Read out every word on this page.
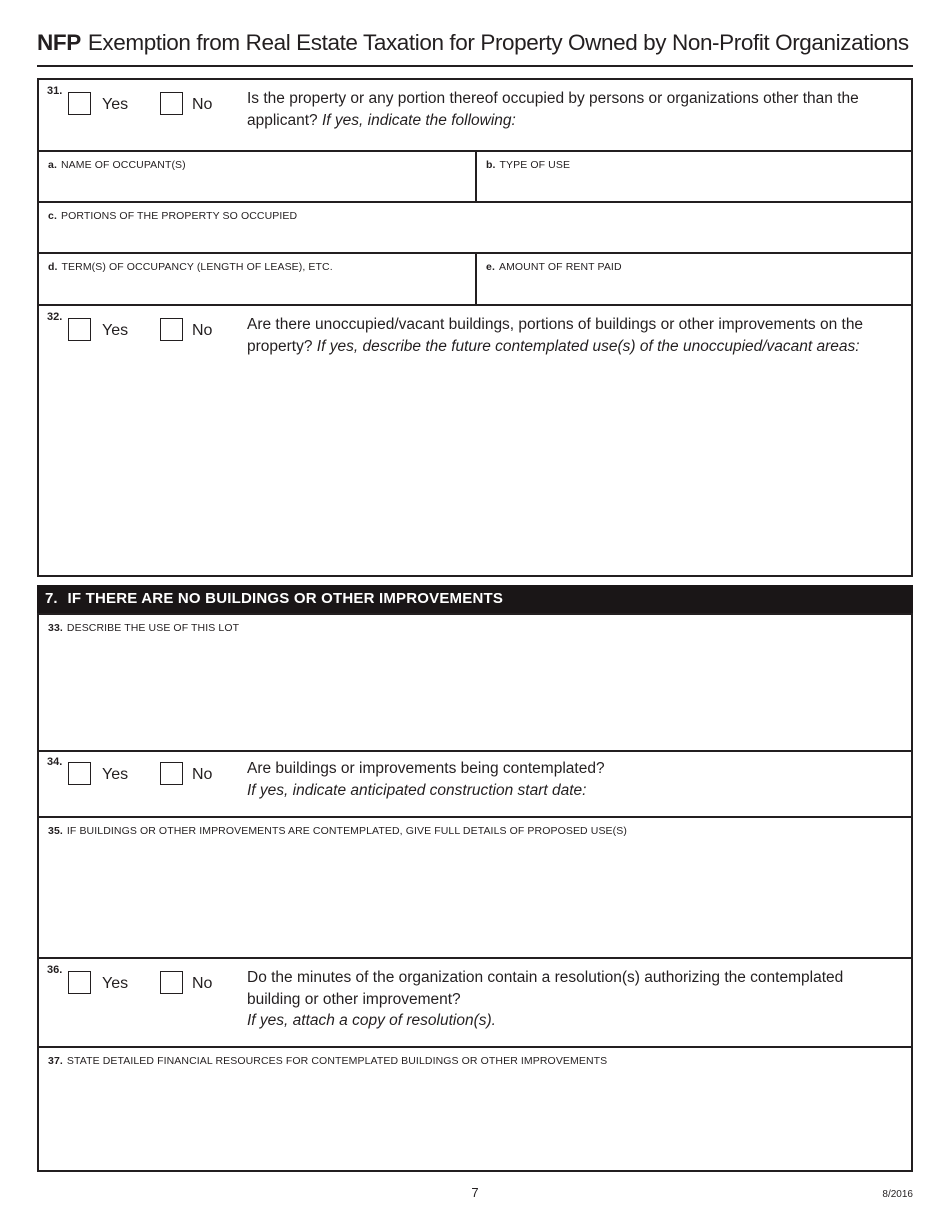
NFP Exemption from Real Estate Taxation for Property Owned by Non-Profit Organizations
31.
Yes	No Is the property or any portion thereof occupied by persons or organizations other than the applicant? If yes, indicate the following:
a. NAME OF OCCUPANT(S)	b. TYPE OF USE
c. PORTIONS OF THE PROPERTY SO OCCUPIED
d. TERM(S) OF OCCUPANCY (LENGTH OF LEASE), ETC.	e. AMOUNT OF RENT PAID
32.
Yes	No Are there unoccupied/vacant buildings, portions of buildings or other improvements on the property? If yes, describe the future contemplated use(s) of the unoccupied/vacant areas:
7. IF THERE ARE NO BUILDINGS OR OTHER IMPROVEMENTS
33. DESCRIBE THE USE OF THIS LOT
34.
Yes	No Are buildings or improvements being contemplated?
If yes, indicate anticipated construction start date:
35. IF BUILDINGS OR OTHER IMPROVEMENTS ARE CONTEMPLATED, GIVE FULL DETAILS OF PROPOSED USE(S)
36.
Yes	No Do the minutes of the organization contain a resolution(s) authorizing the contemplated building or other improvement?
If yes, attach a copy of resolution(s).
37. STATE DETAILED FINANCIAL RESOURCES FOR CONTEMPLATED BUILDINGS OR OTHER IMPROVEMENTS
7	8/2016
